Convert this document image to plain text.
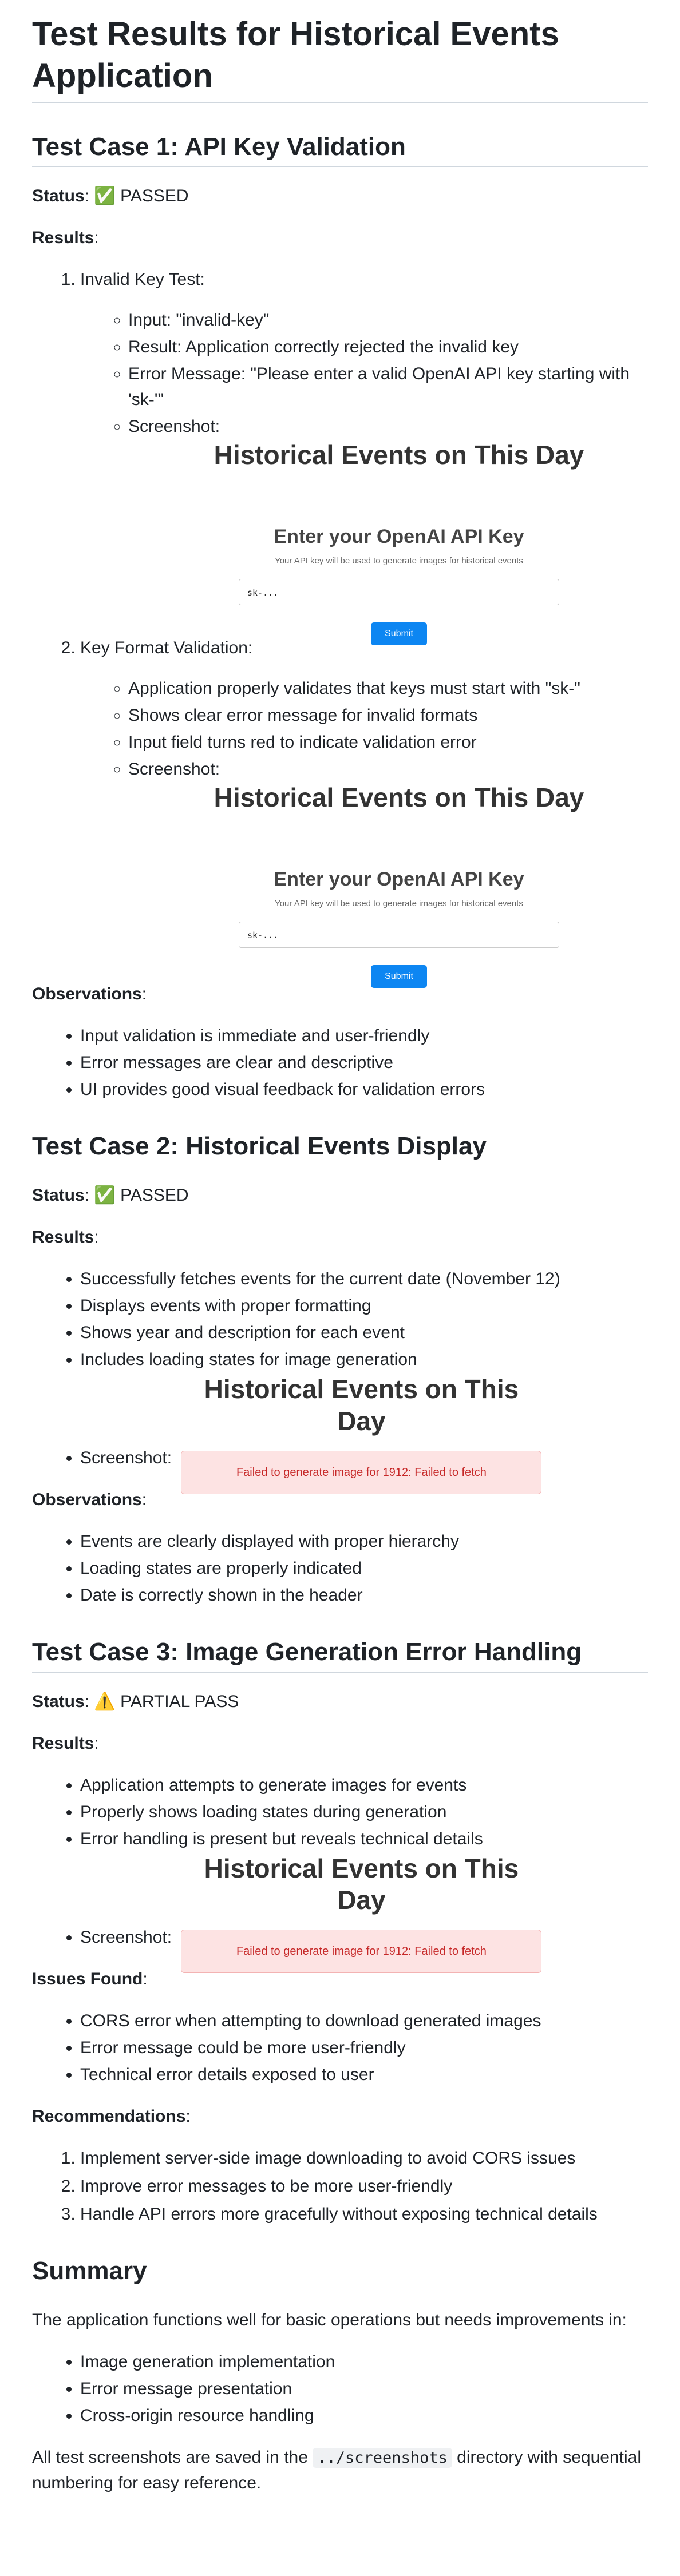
Test Results for Historical Events Application
Test Case 1: API Key Validation

Status: ✅ PASSED

Results:

1. Invalid Key Test:
◦ Input: "invalid-key"
◦ Result: Application correctly rejected the invalid key
◦ Error Message: "Please enter a valid OpenAI API key starting with 'sk-'"
◦ Screenshot:
Historical Events on This Day
Enter your OpenAI API Key
Your API key will be used to generate images for historical events
sk-...
Submit
2. Key Format Validation:
◦ Application properly validates that keys must start with "sk-"
◦ Shows clear error message for invalid formats
◦ Input field turns red to indicate validation error
◦ Screenshot:
Historical Events on This Day
Enter your OpenAI API Key
Your API key will be used to generate images for historical events
sk-...
Submit

Observations:

• Input validation is immediate and user-friendly
• Error messages are clear and descriptive
• UI provides good visual feedback for validation errors
Test Case 2: Historical Events Display

Status: ✅ PASSED

Results:

• Successfully fetches events for the current date (November 12)
• Displays events with proper formatting
• Shows year and description for each event
• Includes loading states for image generation
• Screenshot:
Historical Events on This Day
Failed to generate image for 1912: Failed to fetch

Observations:

• Events are clearly displayed with proper hierarchy
• Loading states are properly indicated
• Date is correctly shown in the header
Test Case 3: Image Generation Error Handling

Status: ⚠️ PARTIAL PASS

Results:

• Application attempts to generate images for events
• Properly shows loading states during generation
• Error handling is present but reveals technical details
• Screenshot:
Historical Events on This Day
Failed to generate image for 1912: Failed to fetch

Issues Found:

• CORS error when attempting to download generated images
• Error message could be more user-friendly
• Technical error details exposed to user

Recommendations:

1. Implement server-side image downloading to avoid CORS issues
2. Improve error messages to be more user-friendly
3. Handle API errors more gracefully without exposing technical details
Summary

The application functions well for basic operations but needs improvements in:

• Image generation implementation
• Error message presentation
• Cross-origin resource handling

All test screenshots are saved in the ../screenshots directory with sequential numbering for easy reference.
